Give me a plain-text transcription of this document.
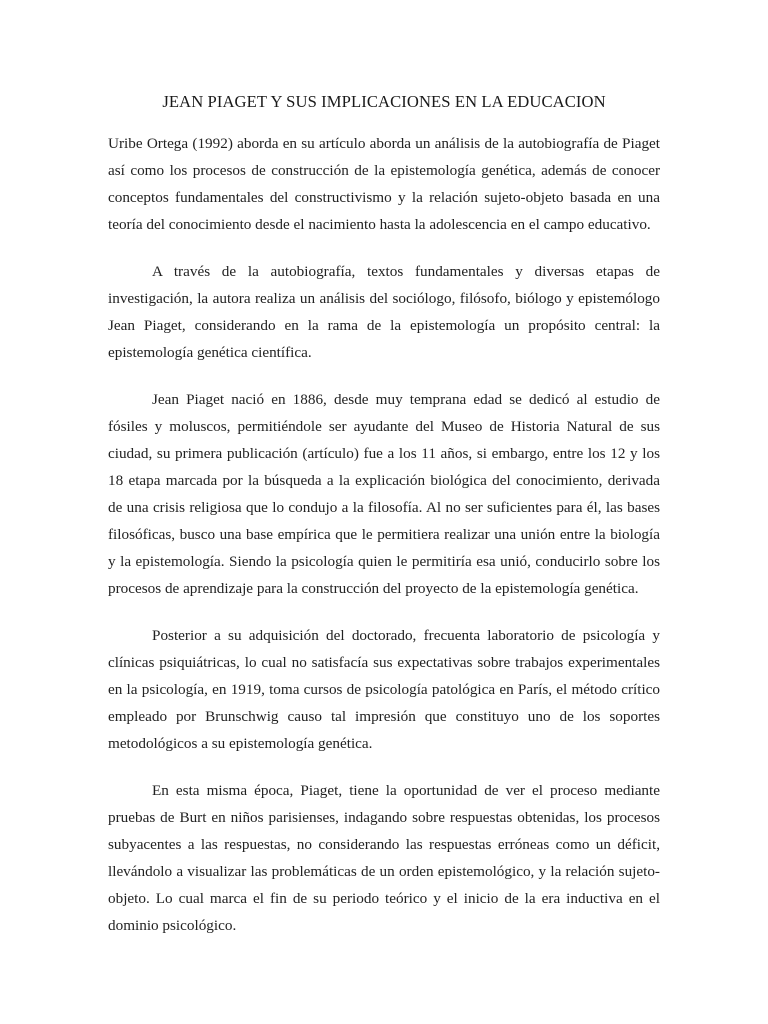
JEAN PIAGET Y SUS IMPLICACIONES EN LA EDUCACION

Uribe Ortega (1992) aborda en su artículo aborda un análisis de la autobiografía de Piaget así como los procesos de construcción de la epistemología genética, además de conocer conceptos fundamentales del constructivismo y la relación sujeto-objeto basada en una teoría del conocimiento desde el nacimiento hasta la adolescencia en el campo educativo.

A través de la autobiografía, textos fundamentales y diversas etapas de investigación, la autora realiza un análisis del sociólogo, filósofo, biólogo y epistemólogo Jean Piaget, considerando en la rama de la epistemología un propósito central: la epistemología genética científica.

Jean Piaget nació en 1886, desde muy temprana edad se dedicó al estudio de fósiles y moluscos, permitiéndole ser ayudante del Museo de Historia Natural de sus ciudad, su primera publicación (artículo) fue a los 11 años, si embargo, entre los 12 y los 18 etapa marcada por la búsqueda a la explicación biológica del conocimiento, derivada de una crisis religiosa que lo condujo a la filosofía. Al no ser suficientes para él, las bases filosóficas, busco una base empírica que le permitiera realizar una unión entre la biología y la epistemología. Siendo la psicología quien le permitiría esa unió, conducirlo sobre los procesos de aprendizaje para la construcción del proyecto de la epistemología genética.

Posterior a su adquisición del doctorado, frecuenta laboratorio de psicología y clínicas psiquiátricas, lo cual no satisfacía sus expectativas sobre trabajos experimentales en la psicología, en 1919, toma cursos de psicología patológica en París, el método crítico empleado por Brunschwig causo tal impresión que constituyo uno de los soportes metodológicos a su epistemología genética.

En esta misma época, Piaget, tiene la oportunidad de ver el proceso mediante pruebas de Burt en niños parisienses, indagando sobre respuestas obtenidas, los procesos subyacentes a las respuestas, no considerando las respuestas erróneas como un déficit, llevándolo a visualizar las problemáticas de un orden epistemológico, y la relación sujeto-objeto. Lo cual marca el fin de su periodo teórico y el inicio de la era inductiva en el dominio psicológico.
